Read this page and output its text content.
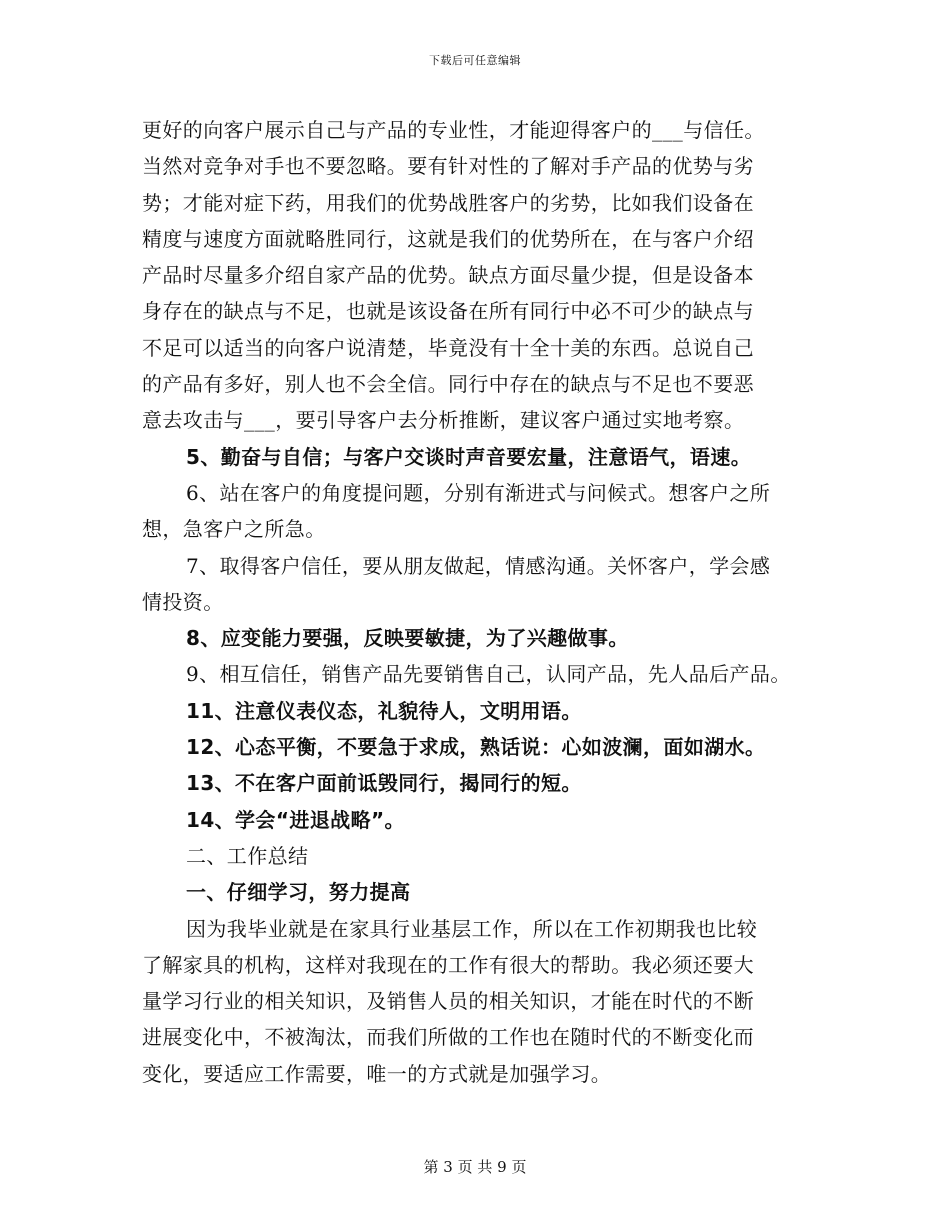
下载后可任意编辑
更好的向客户展示自己与产品的专业性，才能迎得客户的___与信任。
当然对竞争对手也不要忽略。要有针对性的了解对手产品的优势与劣
势；才能对症下药，用我们的优势战胜客户的劣势，比如我们设备在
精度与速度方面就略胜同行，这就是我们的优势所在，在与客户介绍
产品时尽量多介绍自家产品的优势。缺点方面尽量少提，但是设备本
身存在的缺点与不足，也就是该设备在所有同行中必不可少的缺点与
不足可以适当的向客户说清楚，毕竟没有十全十美的东西。总说自己
的产品有多好，别人也不会全信。同行中存在的缺点与不足也不要恶
意去攻击与___，要引导客户去分析推断，建议客户通过实地考察。
5、勤奋与自信；与客户交谈时声音要宏量，注意语气，语速。
6、站在客户的角度提问题，分别有渐进式与问候式。想客户之所
想，急客户之所急。
7、取得客户信任，要从朋友做起，情感沟通。关怀客户，学会感
情投资。
8、应变能力要强，反映要敏捷，为了兴趣做事。
9、相互信任，销售产品先要销售自己，认同产品，先人品后产品。
11、注意仪表仪态，礼貌待人，文明用语。
12、心态平衡，不要急于求成，熟话说：心如波澜，面如湖水。
13、不在客户面前诋毁同行，揭同行的短。
14、学会“进退战略”。
二、工作总结
一、仔细学习，努力提高
因为我毕业就是在家具行业基层工作，所以在工作初期我也比较
了解家具的机构，这样对我现在的工作有很大的帮助。我必须还要大
量学习行业的相关知识，及销售人员的相关知识，才能在时代的不断
进展变化中，不被淘汰，而我们所做的工作也在随时代的不断变化而
变化，要适应工作需要，唯一的方式就是加强学习。
第 3 页 共 9 页
